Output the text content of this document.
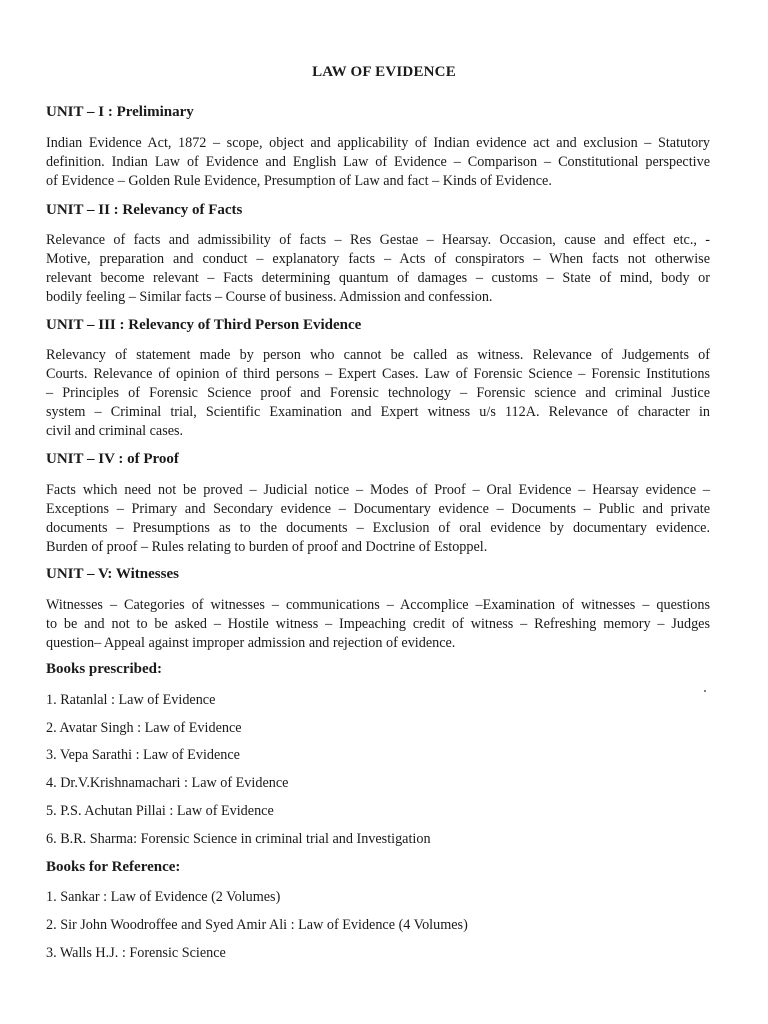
LAW OF EVIDENCE
UNIT – I : Preliminary
Indian Evidence Act, 1872 – scope, object and applicability of Indian evidence act and exclusion – Statutory
definition. Indian Law of Evidence and English Law of Evidence – Comparison – Constitutional perspective
of Evidence – Golden Rule Evidence, Presumption of Law and fact – Kinds of Evidence.
UNIT – II : Relevancy of Facts
Relevance of facts and admissibility of facts – Res Gestae – Hearsay. Occasion, cause and effect etc., -
Motive, preparation and conduct – explanatory facts – Acts of conspirators – When facts not otherwise
relevant become relevant – Facts determining quantum of damages – customs – State of mind, body or
bodily feeling – Similar facts – Course of business. Admission and confession.
UNIT – III : Relevancy of Third Person Evidence
Relevancy of statement made by person who cannot be called as witness. Relevance of Judgements of
Courts. Relevance of opinion of third persons – Expert Cases. Law of Forensic Science – Forensic Institutions
– Principles of Forensic Science proof and Forensic technology – Forensic science and criminal Justice
system – Criminal trial, Scientific Examination and Expert witness u/s 112A. Relevance of character in
civil and criminal cases.
UNIT – IV : of Proof
Facts which need not be proved – Judicial notice – Modes of Proof – Oral Evidence – Hearsay evidence –
Exceptions – Primary and Secondary evidence – Documentary evidence – Documents – Public and private
documents – Presumptions as to the documents – Exclusion of oral evidence by documentary evidence.
Burden of proof – Rules relating to burden of proof and Doctrine of Estoppel.
UNIT – V: Witnesses
Witnesses – Categories of witnesses – communications – Accomplice –Examination of witnesses – questions
to be and not to be asked – Hostile witness – Impeaching credit of witness – Refreshing memory – Judges
question– Appeal against improper admission and rejection of evidence.
Books prescribed:
1. Ratanlal : Law of Evidence
2. Avatar Singh : Law of Evidence
3. Vepa Sarathi : Law of Evidence
4. Dr.V.Krishnamachari : Law of Evidence
5. P.S. Achutan Pillai : Law of Evidence
6. B.R. Sharma: Forensic Science in criminal trial and Investigation
Books for Reference:
1. Sankar : Law of Evidence (2 Volumes)
2. Sir John Woodroffee and Syed Amir Ali : Law of Evidence (4 Volumes)
3. Walls H.J. : Forensic Science
